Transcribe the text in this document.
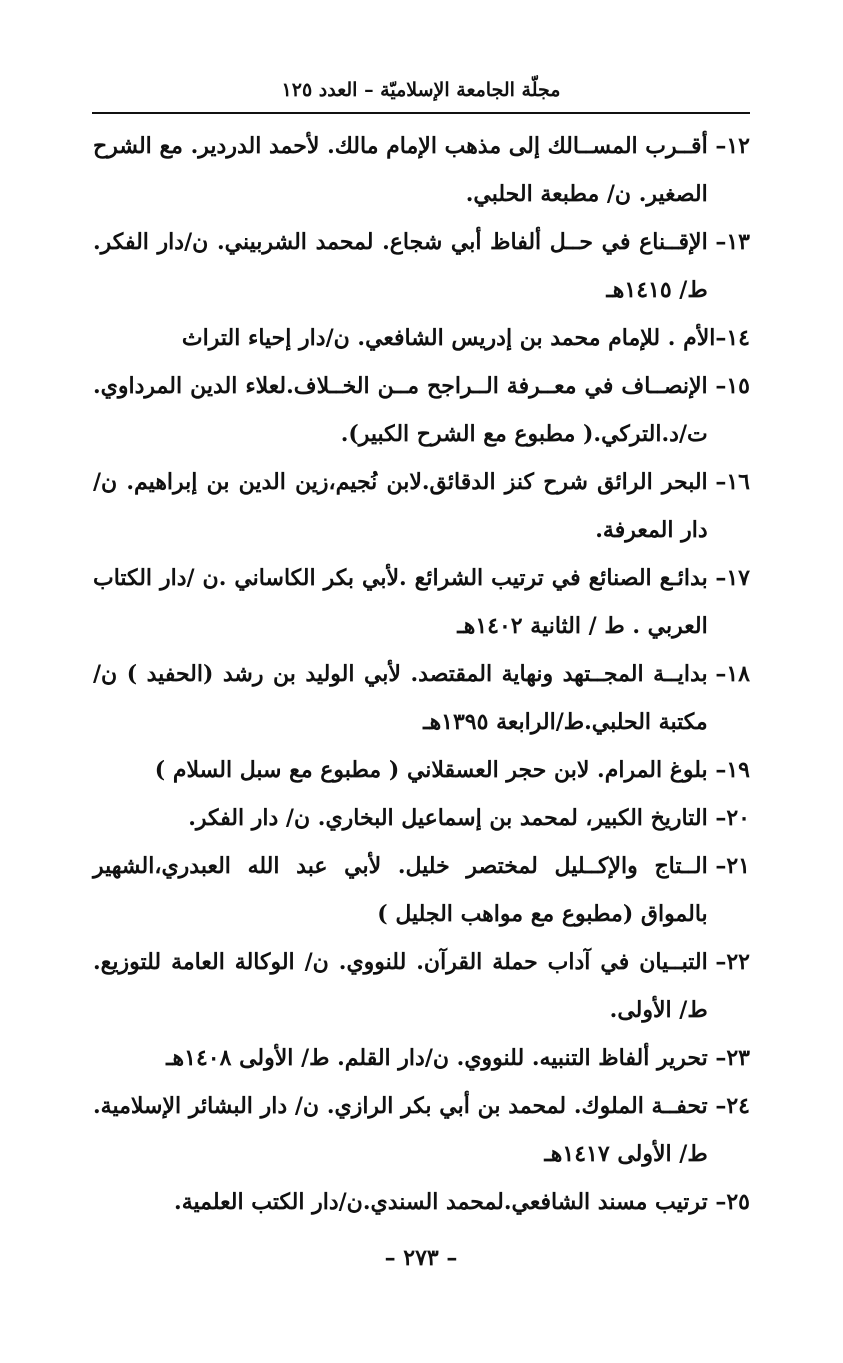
مجلّة الجامعة الإسلاميّة – العدد ١٢٥
١٢–
أقــرب المســالك إلى مذهب الإمام مالك. لأحمد الدردير. مع الشرح الصغير. ن/ مطبعة الحلبي.
١٣–
الإقــناع في حــل ألفاظ أبي شجاع. لمحمد الشربيني. ن/دار الفكر. ط/ ١٤١٥هـ
١٤–
الأم . للإمام محمد بن إدريس الشافعي. ن/دار إحياء التراث
١٥–
الإنصــاف في معــرفة الــراجح مــن الخــلاف.لعلاء الدين المرداوي. ت/د.التركي.( مطبوع مع الشرح الكبير).
١٦–
البحر الرائق شرح كنز الدقائق.لابن نُجيم،زين الدين بن إبراهيم. ن/دار المعرفة.
١٧–
بدائـع الصنائع في ترتيب الشرائع .لأبي بكر الكاساني .ن /دار الكتاب العربي . ط / الثانية ١٤٠٢هـ
١٨–
بدايــة المجــتهد ونهاية المقتصد. لأبي الوليد بن رشد (الحفيد ) ن/مكتبة الحلبي.ط/الرابعة ١٣٩٥هـ
١٩–
بلوغ المرام. لابن حجر العسقلاني ( مطبوع مع سبل السلام )
٢٠–
التاريخ الكبير، لمحمد بن إسماعيل البخاري. ن/ دار الفكر.
٢١–
الــتاج والإكــليل لمختصر خليل. لأبي عبد الله العبدري،الشهير بالمواق (مطبوع مع مواهب الجليل )
٢٢–
التبــيان في آداب حملة القرآن. للنووي. ن/ الوكالة العامة للتوزيع. ط/ الأولى.
٢٣–
تحرير ألفاظ التنبيه. للنووي. ن/دار القلم. ط/ الأولى ١٤٠٨هـ
٢٤–
تحفــة الملوك. لمحمد بن أبي بكر الرازي. ن/ دار البشائر الإسلامية. ط/ الأولى ١٤١٧هـ
٢٥–
ترتيب مسند الشافعي.لمحمد السندي.ن/دار الكتب العلمية.
– ٢٧٣ –
